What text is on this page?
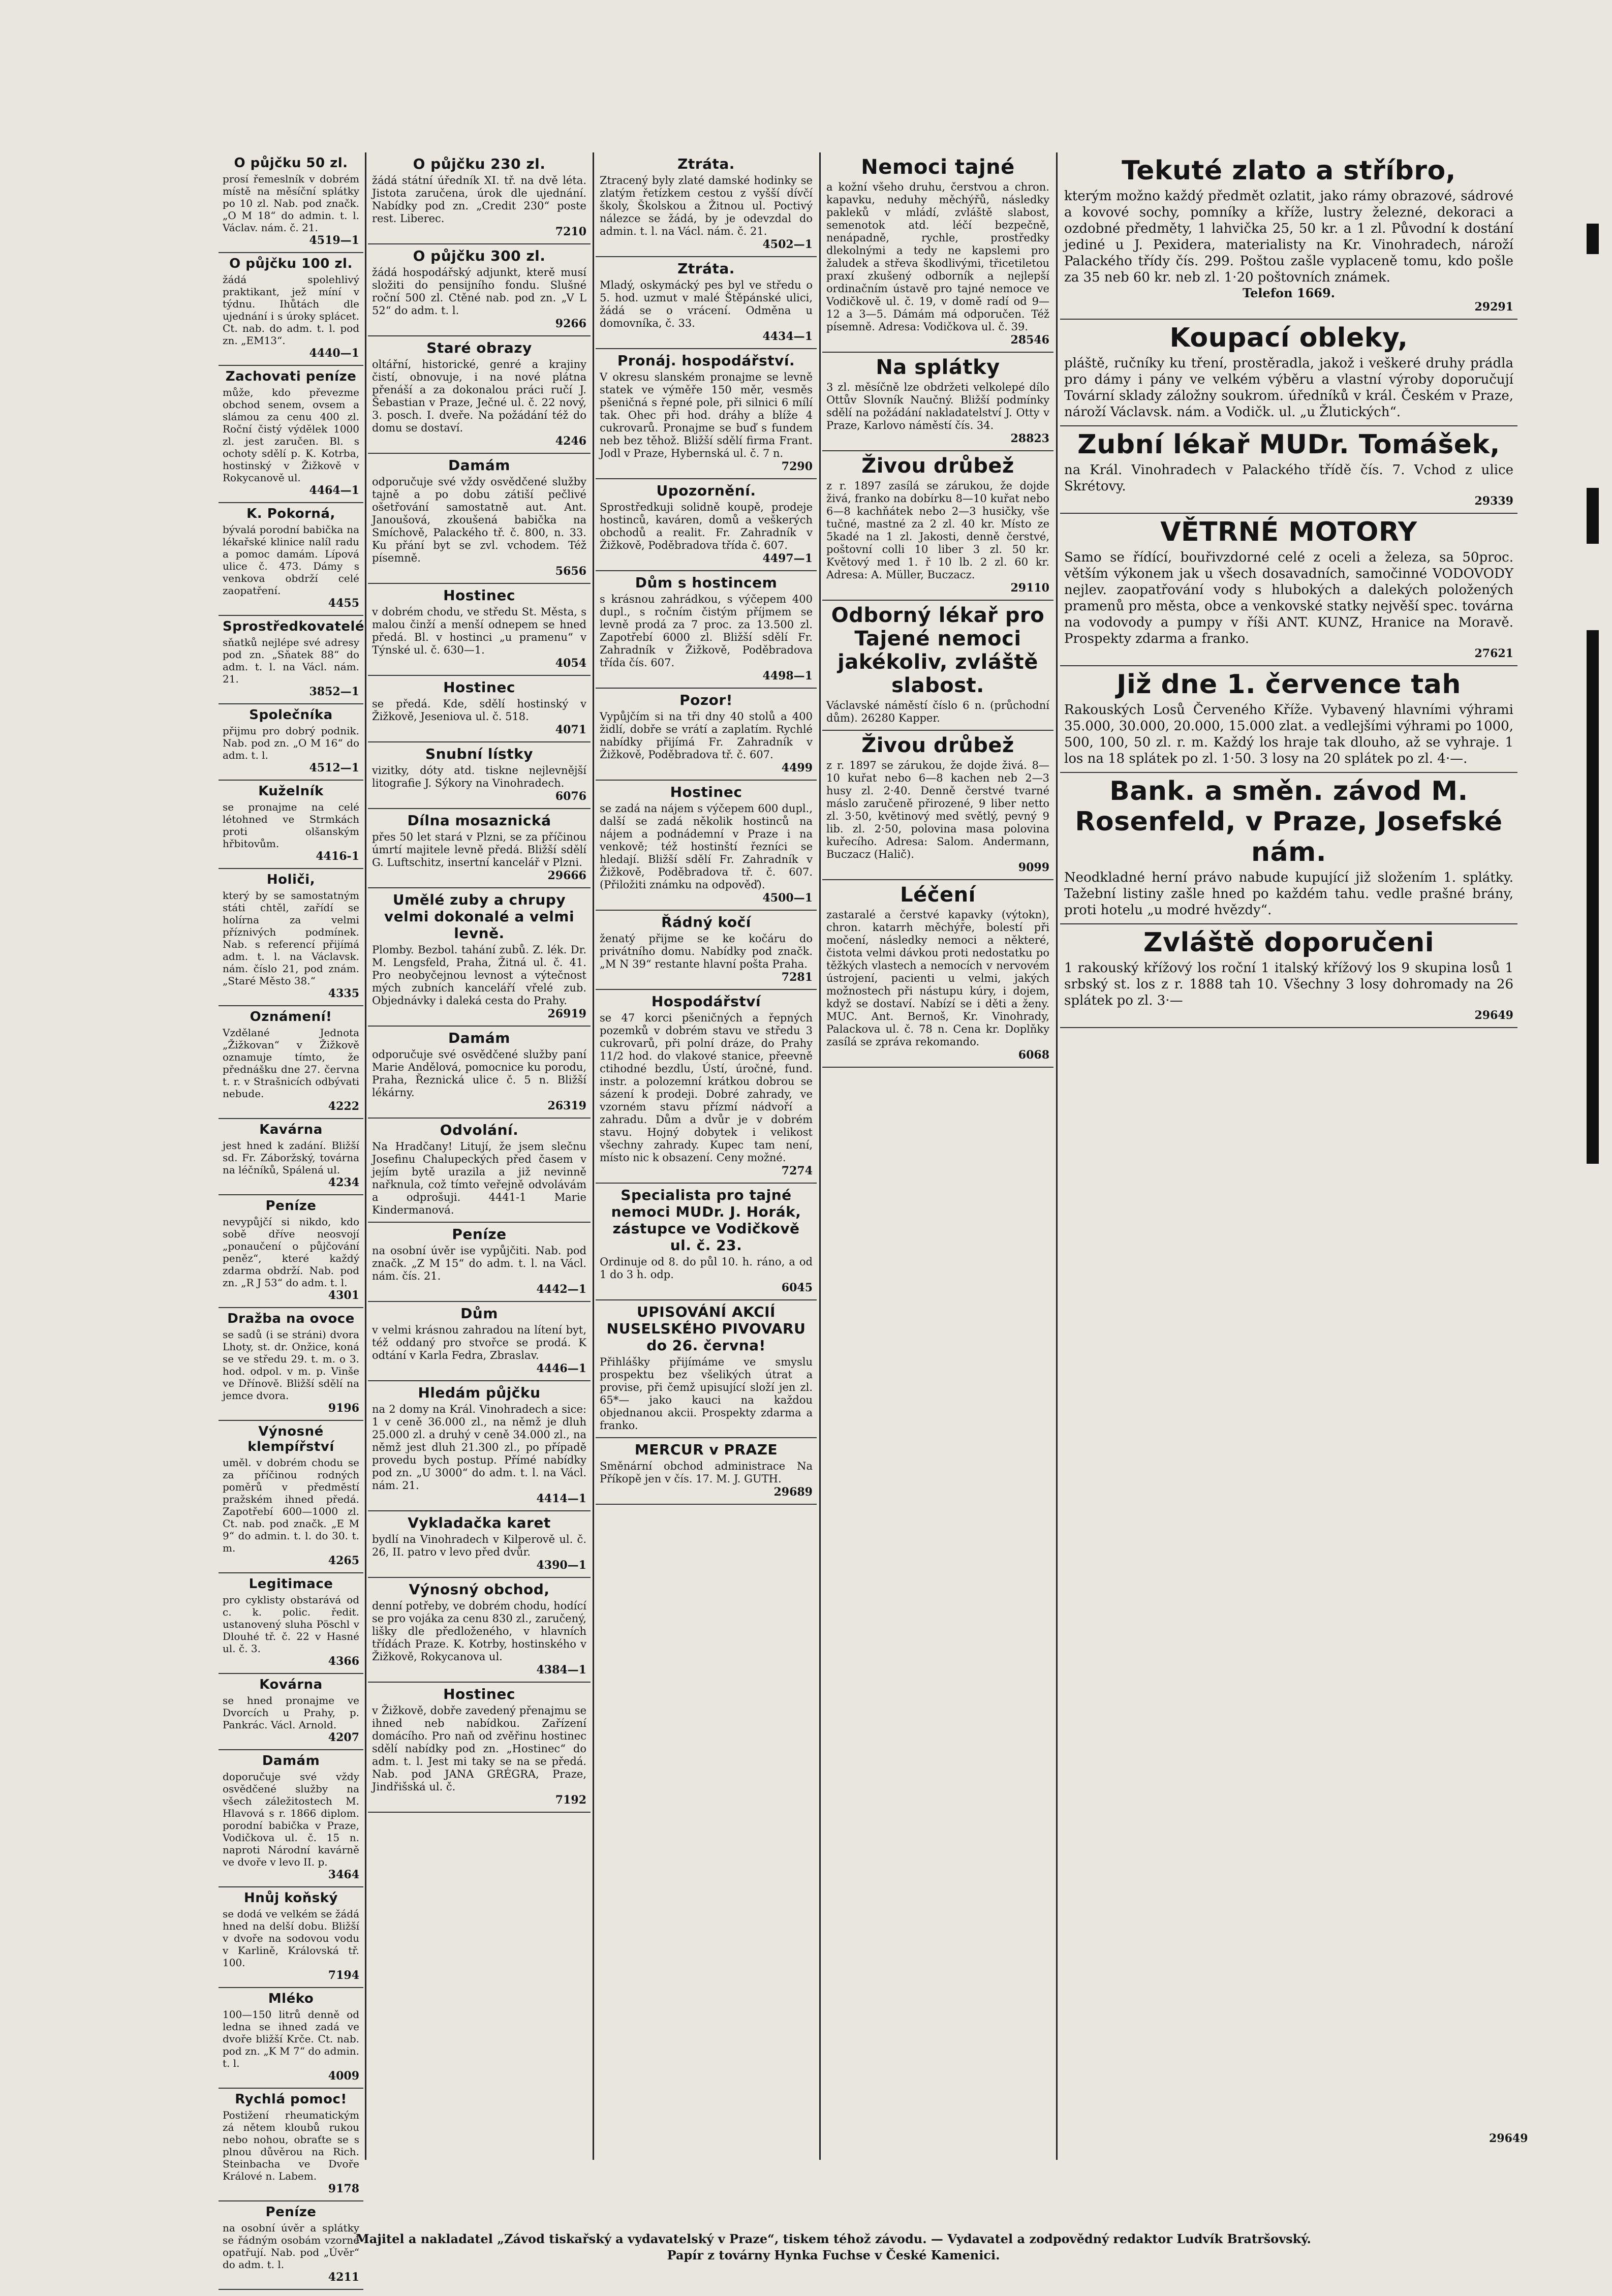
O půjčku 50 zl.

prosí řemeslník v dobrém místě na měsíční splátky po 10 zl. Nab. pod značk. „O M 18“ do admin. t. l. Václav. nám. č. 21.

4519—1
O půjčku 100 zl.

žádá spolehlivý praktikant, jež míní v týdnu. Ihůtách dle ujednání i s úroky splácet. Ct. nab. do adm. t. l. pod zn. „EM13“.

4440—1
Zachovati peníze

může, kdo převezme obchod senem, ovsem a slámou za cenu 400 zl. Roční čistý výdělek 1000 zl. jest zaručen. Bl. s ochoty sdělí p. K. Kotrba, hostinský v Žižkově v Rokycanově ul.

4464—1
K. Pokorná,

bývalá porodní babička na lékařské klinice nalíl radu a pomoc damám. Lípová ulice č. 473. Dámy s venkova obdrží celé zaopatření.

4455
Sprostředkovatelé

sňatků nejlépe své adresy pod zn. „Sňatek 88“ do adm. t. l. na Václ. nám. 21.

3852—1
Společníka

přijmu pro dobrý podnik. Nab. pod zn. „O M 16“ do adm. t. l.

4512—1
Kuželník

se pronajme na celé létohned ve Strmkách proti olšanským hřbitovům.

4416-1
Holiči,

který by se samostatným státi chtěl, zařídí se holírna za velmi příznivých podmínek. Nab. s referencí přijímá adm. t. l. na Václavsk. nám. číslo 21, pod znám. „Staré Město 38.“

4335
Oznámení!

Vzdělané Jednota „Žižkovan“ v Žižkově oznamuje tímto, že přednášku dne 27. června t. r. v Strašnicích odbývati nebude.

4222
Kavárna

jest hned k zadání. Bližší sd. Fr. Záboržský, továrna na léčníků, Spálená ul.

4234
Peníze

nevypůjčí si nikdo, kdo sobě dříve neosvojí „ponaučení o půjčování peněz“, které každý zdarma obdrží. Nab. pod zn. „R J 53“ do adm. t. l.

4301
Dražba na ovoce

se sadů (i se stráni) dvora Lhoty, st. dr. Onžice, koná se ve středu 29. t. m. o 3. hod. odpol. v m. p. Vinše ve Dřínově. Bližší sdělí na jemce dvora.

9196
Výnosné klempířství

uměl. v dobrém chodu se za příčinou rodných poměrů v předměstí pražském ihned předá. Zapotřebí 600—1000 zl. Ct. nab. pod značk. „E M 9“ do admin. t. l. do 30. t. m.

4265
Legitimace

pro cyklisty obstarává od c. k. polic. ředit. ustanovený sluha Pöschl v Dlouhé tř. č. 22 v Hasné ul. č. 3.

4366
Kovárna

se hned pronajme ve Dvorcích u Prahy, p. Pankrác. Václ. Arnold.

4207
Damám

doporučuje své vždy osvědčené služby na všech záležitostech M. Hlavová s r. 1866 diplom. porodní babička v Praze, Vodičkova ul. č. 15 n. naproti Národní kavárně ve dvoře v levo II. p.

3464
Hnůj koňský

se dodá ve velkém se žádá hned na delší dobu. Bližší v dvoře na sodovou vodu v Karlině, Královská tř. 100.

7194
Mléko

100—150 litrů denně od ledna se ihned zadá ve dvoře bližší Krče. Ct. nab. pod zn. „K M 7“ do admin. t. l.

4009
Rychlá pomoc!

Postižení rheumatickým zá nětem kloubů rukou nebo nohou, obraťte se s plnou důvěrou na Rich. Steinbacha ve Dvoře Králové n. Labem.

9178
Peníze

na osobní úvěr a splátky se řádným osobám vzorné opatřují. Nab. pod „Úvěr“ do adm. t. l.

4211
O půjčku 230 zl.

žádá státní úředník XI. tř. na dvě léta. Jistota zaručena, úrok dle ujednání. Nabídky pod zn. „Credit 230“ poste rest. Liberec.

7210
O půjčku 300 zl.

žádá hospodářský adjunkt, kterě musí složiti do pensijního fondu. Slušné roční 500 zl. Ctěné nab. pod zn. „V L 52“ do adm. t. l.

9266
Staré obrazy

oltářní, historické, genré a krajiny čistí, obnovuje, i na nové plátna přenáší a za dokonalou práci ručí J. Šebastian v Praze, Ječné ul. č. 22 nový, 3. posch. I. dveře. Na požádání též do domu se dostaví.

4246
Damám

odporučuje své vždy osvědčené služby tajně a po dobu zátiší pečlivé ošetřování samostatně aut. Ant. Janoušová, zkoušená babička na Smíchově, Palackého tř. č. 800, n. 33. Ku přání byt se zvl. vchodem. Též písemně.

5656
Hostinec

v dobrém chodu, ve středu St. Města, s malou činží a menší odnepem se hned předá. Bl. v hostinci „u pramenu“ v Týnské ul. č. 630—1.

4054
Hostinec

se předá. Kde, sdělí hostinský v Žižkově, Jeseniova ul. č. 518.

4071
Snubní lístky

vizitky, dóty atd. tiskne nejlevnější litografie J. Sýkory na Vinohradech.

6076
Dílna mosaznická

přes 50 let stará v Plzni, se za příčinou úmrtí majitele levně předá. Bližší sdělí G. Luftschitz, insertní kancelář v Plzni.

29666
Umělé zuby a chrupy velmi dokonalé a velmi levně.

Plomby. Bezbol. tahání zubů. Z. lék. Dr. M. Lengsfeld, Praha, Žitná ul. č. 41. Pro neobyčejnou levnost a výtečnost mých zubních kanceláří vřelé zub. Objednávky i daleká cesta do Prahy.

26919
Damám

odporučuje své osvědčené služby paní Marie Andělová, pomocnice ku porodu, Praha, Řeznická ulice č. 5 n. Bližší lékárny.

26319
Odvolání.

Na Hradčany! Litují, že jsem slečnu Josefinu Chalupeckých před časem v jejím bytě urazila a již nevinně nařknula, což tímto veřejně odvolávám a odprošuji. 4441-1 Marie Kindermanová.

Peníze

na osobní úvěr ise vypůjčiti. Nab. pod značk. „Z M 15“ do adm. t. l. na Václ. nám. čís. 21.

4442—1
Dům

v velmi krásnou zahradou na lítení byt, též oddaný pro stvořce se prodá. K odtání v Karla Fedra, Zbraslav.

4446—1
Hledám půjčku

na 2 domy na Král. Vinohradech a sice: 1 v ceně 36.000 zl., na němž je dluh 25.000 zl. a druhý v ceně 34.000 zl., na němž jest dluh 21.300 zl., po případě provedu bych postup. Přímé nabídky pod zn. „U 3000“ do adm. t. l. na Václ. nám. 21.

4414—1
Vykladačka karet

bydlí na Vinohradech v Kilperově ul. č. 26, II. patro v levo před dvůr.

4390—1
Výnosný obchod,

denní potřeby, ve dobrém chodu, hodící se pro vojáka za cenu 830 zl., zaručený, lišky dle předloženého, v hlavních třídách Praze. K. Kotrby, hostinského v Žižkově, Rokycanova ul.

4384—1
Hostinec

v Žižkově, dobře zavedený přenajmu se ihned neb nabídkou. Zařízení domácího. Pro naň od zvěřinu hostinec sdělí nabídky pod zn. „Hostinec“ do adm. t. l. Jest mi taky se na se předá. Nab. pod JANA GRÉGRA, Praze, Jindřišská ul. č.

7192
Ztráta.

Ztracený byly zlaté damské hodinky se zlatým řetízkem cestou z vyšší dívčí školy, Školskou a Žitnou ul. Poctivý nálezce se žádá, by je odevzdal do admin. t. l. na Václ. nám. č. 21.

4502—1
Ztráta.

Mladý, oskymácký pes byl ve středu o 5. hod. uzmut v malé Štěpánské ulici, žádá se o vrácení. Odměna u domovníka, č. 33.

4434—1
Pronáj. hospodářství.

V okresu slanském pronajme se levně statek ve výměře 150 měr, vesměs pšeničná s řepné pole, při silnici 6 mílí tak. Ohec při hod. dráhy a blíže 4 cukrovarů. Pronajme se buď s fundem neb bez těhož. Bližší sdělí firma Frant. Jodl v Praze, Hybernská ul. č. 7 n.

7290
Upozornění.

Sprostředkuji solidně koupě, prodeje hostinců, kaváren, domů a veškerých obchodů a realit. Fr. Zahradník v Žižkově, Poděbradova třída č. 607.

4497—1
Dům s hostincem

s krásnou zahrádkou, s výčepem 400 dupl., s ročním čistým příjmem se levně prodá za 7 proc. za 13.500 zl. Zapotřebí 6000 zl. Bližší sdělí Fr. Zahradník v Žižkově, Poděbradova třída čís. 607.

4498—1
Pozor!

Vypůjčím si na tři dny 40 stolů a 400 židlí, dobře se vrátí a zaplatím. Rychlé nabídky přijímá Fr. Zahradník v Žižkově, Poděbradova tř. č. 607.

4499
Hostinec

se zadá na nájem s výčepem 600 dupl., další se zadá několik hostinců na nájem a podnádemní v Praze i na venkově; též hostinští řezníci se hledají. Bližší sdělí Fr. Zahradník v Žižkově, Poděbradova tř. č. 607. (Přiložiti známku na odpověď).

4500—1
Řádný kočí

ženatý přijme se ke kočáru do privátního domu. Nabídky pod značk. „M N 39“ restante hlavní pošta Praha.

7281
Hospodářství

se 47 korci pšeničných a řepných pozemků v dobrém stavu ve středu 3 cukrovarů, při polní dráze, do Prahy 11/2 hod. do vlakové stanice, přeevně ctihodné bezdlu, Ústí, úročné, fund. instr. a polozemní krátkou dobrou se sázení k prodeji. Dobré zahrady, ve vzorném stavu přízmí nádvoří a zahradu. Dům a dvůr je v dobrém stavu. Hojný dobytek i velikost všechny zahrady. Kupec tam není, místo nic k obsazení. Ceny možné.

7274
Specialista pro tajné nemoci MUDr. J. Horák, zástupce ve Vodičkově ul. č. 23.

Ordinuje od 8. do půl 10. h. ráno, a od 1 do 3 h. odp.

6045
UPISOVÁNÍ AKCIÍ NUSELSKÉHO PIVOVARU do 26. června!

Přihlášky přijímáme ve smyslu prospektu bez všelikých útrat a provise, při čemž upisující složí jen zl. 65*— jako kauci na každou objednanou akcii. Prospekty zdarma a franko.

MERCUR v PRAZE

Směnární obchod administrace Na Příkopě jen v čís. 17. M. J. GUTH.

29689
Nemoci tajné

a kožní všeho druhu, čerstvou a chron. kapavku, neduhy měchýřů, následky pakleků v mládí, zvláště slabost, semenotok atd. léčí bezpečně, nenápadně, rychle, prostředky dlekolnými a tedy ne kapslemi pro žaludek a střeva škodlivými, třicetiletou praxí zkušený odborník a nejlepší ordinačním ústavě pro tajné nemoce ve Vodičkově ul. č. 19, v domě radí od 9—12 a 3—5. Dámám má odporučen. Též písemně. Adresa: Vodičkova ul. č. 39.

28546
Na splátky

3 zl. měsíčně lze obdržeti velkolepé dílo Ottův Slovník Naučný. Bližší podmínky sdělí na požádání nakladatelství J. Otty v Praze, Karlovo náměstí čís. 34.

28823
Živou drůbež

z r. 1897 zasílá se zárukou, že dojde živá, franko na dobírku 8—10 kuřat nebo 6—8 kachňátek nebo 2—3 husičky, vše tučné, mastné za 2 zl. 40 kr. Místo ze 5kadé na 1 zl. Jakosti, denně čerstvé, poštovní colli 10 liber 3 zl. 50 kr. Květový med 1. ř 10 lb. 2 zl. 60 kr. Adresa: A. Müller, Buczacz.

29110
Odborný lékař pro Tajené nemoci jakékoliv, zvláště slabost.

Václavské náměstí číslo 6 n. (průchodní dům). 26280 Kapper.

Živou drůbež

z r. 1897 se zárukou, že dojde živá. 8—10 kuřat nebo 6—8 kachen neb 2—3 husy zl. 2·40. Denně čerstvé tvarné máslo zaručeně přirozené, 9 liber netto zl. 3·50, květinový med světlý, pevný 9 lib. zl. 2·50, polovina masa polovina kuřecího. Adresa: Salom. Andermann, Buczacz (Halič).

9099
Léčení

zastaralé a čerstvé kapavky (výtokn), chron. katarrh měchýře, bolestí při močení, následky nemoci a některé, čistota velmi dávkou proti nedostatku po těžkých vlastech a nemocích v nervovém ústrojení, pacienti u velmi, jakých možnostech při nástupu kúry, i dojem, když se dostaví. Nabízí se i děti a ženy. MUC. Ant. Bernoš, Kr. Vinohrady, Palackova ul. č. 78 n. Cena kr. Doplňky zasílá se zpráva rekomando.

6068
Tekuté zlato a stříbro,

kterým možno každý předmět ozlatit, jako rámy obrazové, sádrové a kovové sochy, pomníky a kříže, lustry železné, dekoraci a ozdobné předměty, 1 lahvička 25, 50 kr. a 1 zl. Původní k dostání jediné u J. Pexidera, materialisty na Kr. Vinohradech, nároží Palackého třídy čís. 299. Poštou zašle vyplaceně tomu, kdo pošle za 35 neb 60 kr. neb zl. 1·20 poštovních známek.

Telefon 1669.
29291
Koupací obleky,

pláště, ručníky ku tření, prostěradla, jakož i veškeré druhy prádla pro dámy i pány ve velkém výběru a vlastní výroby doporučují Tovární sklady záložny soukrom. úředníků v král. Českém v Praze, nároží Václavsk. nám. a Vodičk. ul. „u Žlutických“.

Zubní lékař MUDr. Tomášek,

na Král. Vinohradech v Palackého třídě čís. 7. Vchod z ulice Skrétovy.

29339
VĚTRNÉ MOTORY

Samo se řídící, bouřivzdorné celé z oceli a železa, sa 50proc. větším výkonem jak u všech dosavadních, samočinné VODOVODY nejlev. zaopatřování vody s hlubokých a dalekých položených pramenů pro města, obce a venkovské statky nejvěší spec. továrna na vodovody a pumpy v říši ANT. KUNZ, Hranice na Moravě. Prospekty zdarma a franko.

27621
Již dne 1. července tah

Rakouských Losů Červeného Kříže. Vybavený hlavními výhrami 35.000, 30.000, 20.000, 15.000 zlat. a vedlejšími výhrami po 1000, 500, 100, 50 zl. r. m. Každý los hraje tak dlouho, až se vyhraje. 1 los na 18 splátek po zl. 1·50. 3 losy na 20 splátek po zl. 4·—.

Bank. a směn. závod M. Rosenfeld, v Praze, Josefské nám.

Neodkladné herní právo nabude kupující již složením 1. splátky. Tažební listiny zašle hned po každém tahu. vedle prašné brány, proti hotelu „u modré hvězdy“.

Zvláště doporučeni

1 rakouský křížový los roční 1 italský křížový los 9 skupina losů 1 srbský st. los z r. 1888 tah 10. Všechny 3 losy dohromady na 26 splátek po zl. 3·—

29649
29649
Majitel a nakladatel „Závod tiskařský a vydavatelský v Praze“, tiskem téhož závodu. — Vydavatel a zodpovědný redaktor Ludvík Bratršovský.
Papír z továrny Hynka Fuchse v České Kamenici.
